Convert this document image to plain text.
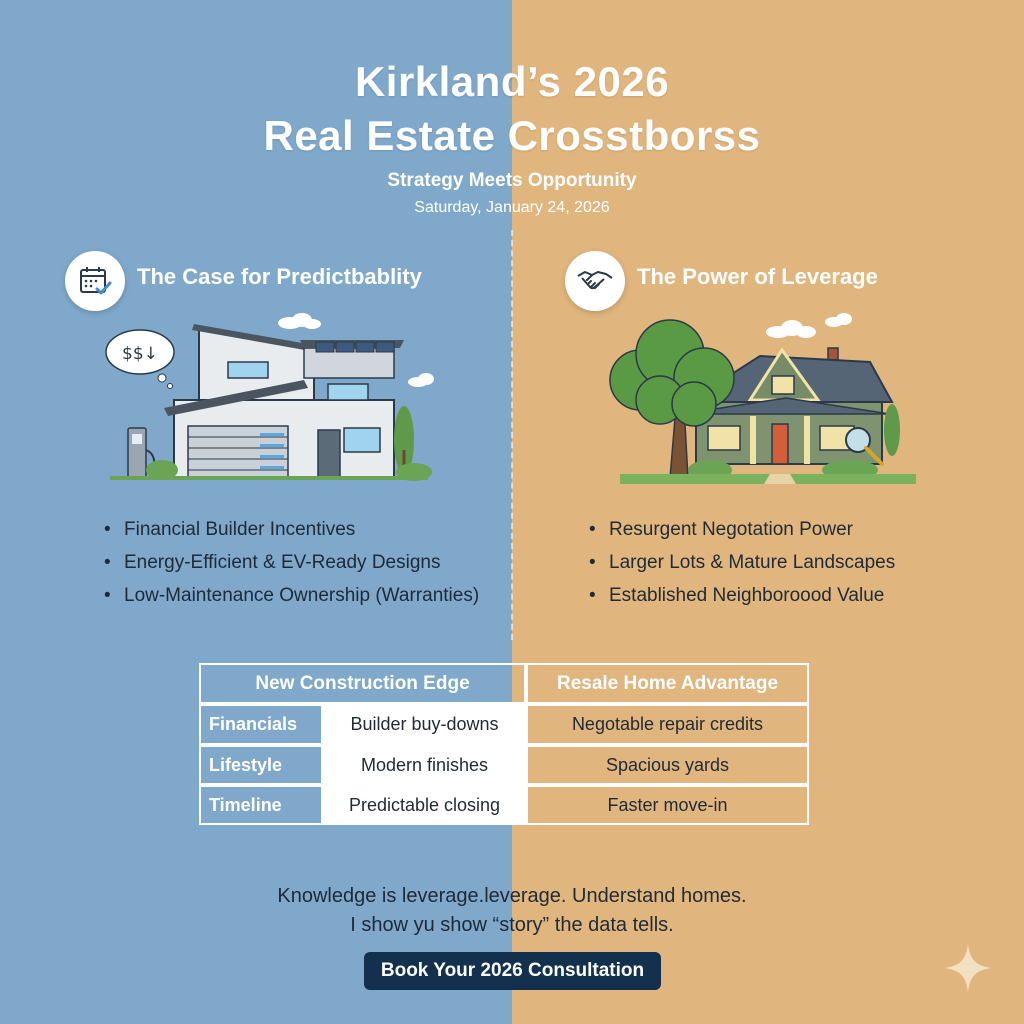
Kirkland’s 2026
Real Estate Crosstborss
Strategy Meets Opportunity
Saturday, January 24, 2026
The Case for Predictbablity	The Power of Leverage
$$↓
• Financial Builder Incentives
• Energy-Efficient & EV-Ready Designs
• Low-Maintenance Ownership (Warranties)
• Resurgent Negotation Power
• Larger Lots & Mature Landscapes
• Established Neighboroood Value
New Construction Edge	Resale Home Advantage
Financials	Builder buy-downs	Negotable repair credits
Lifestyle	Modern finishes	Spacious yards
Timeline	Predictable closing	Faster move-in
Knowledge is leverage.leverage. Understand homes.
I show yu show “story” the data tells.
Book Your 2026 Consultation
